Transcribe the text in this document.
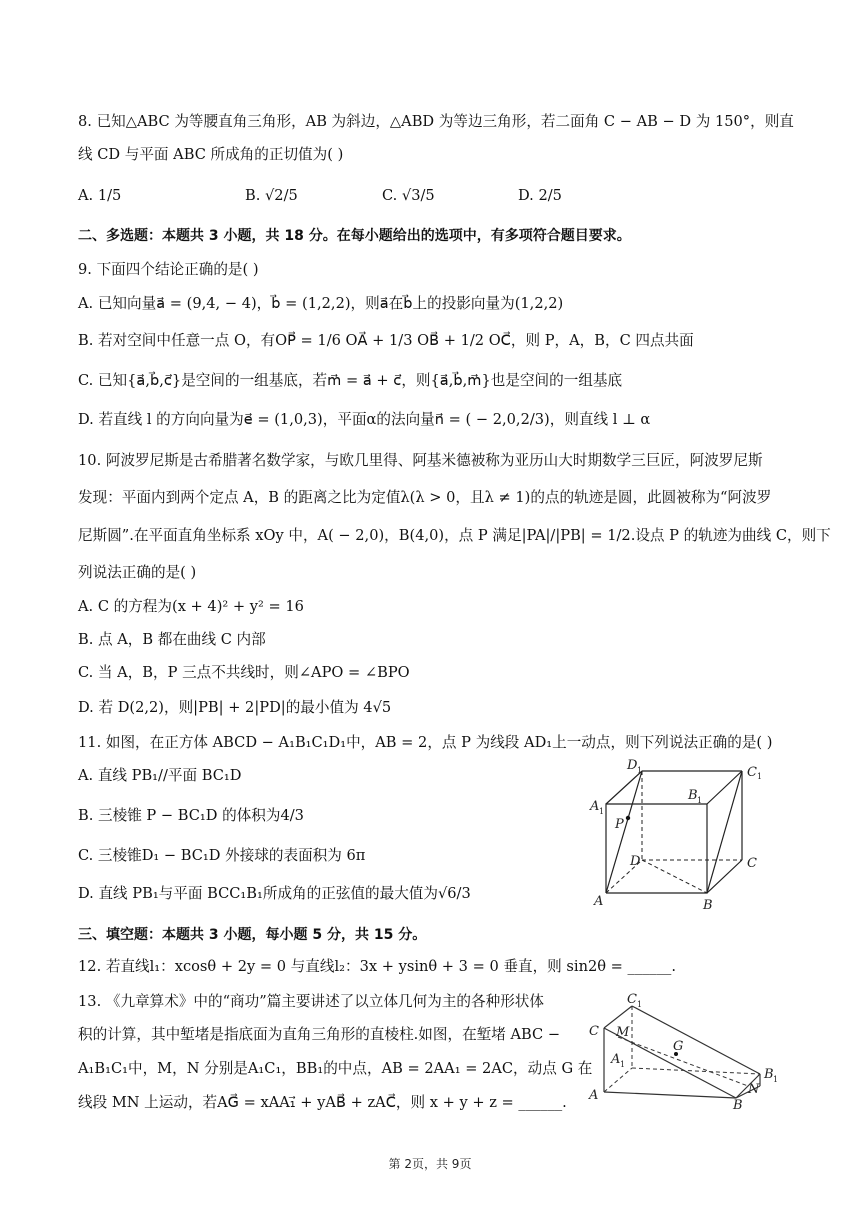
8. 已知△ABC 为等腰直角三角形，AB 为斜边，△ABD 为等边三角形，若二面角 C − AB − D 为 150°，则直
线 CD 与平面 ABC 所成角的正切值为( )
A. 1/5	B. √2/5	C. √3/5	D. 2/5
二、多选题：本题共 3 小题，共 18 分。在每小题给出的选项中，有多项符合题目要求。
9. 下面四个结论正确的是( )
A. 已知向量a⃗ = (9,4, − 4)，b⃗ = (1,2,2)，则a⃗在b⃗上的投影向量为(1,2,2)
B. 若对空间中任意一点 O，有OP⃗ = 1/6 OA⃗ + 1/3 OB⃗ + 1/2 OC⃗，则 P，A，B，C 四点共面
C. 已知{a⃗,b⃗,c⃗}是空间的一组基底，若m⃗ = a⃗ + c⃗，则{a⃗,b⃗,m⃗}也是空间的一组基底
D. 若直线 l 的方向向量为e⃗ = (1,0,3)，平面α的法向量n⃗ = ( − 2,0,2/3)，则直线 l ⊥ α
10. 阿波罗尼斯是古希腊著名数学家，与欧几里得、阿基米德被称为亚历山大时期数学三巨匠，阿波罗尼斯
发现：平面内到两个定点 A，B 的距离之比为定值λ(λ > 0，且λ ≠ 1)的点的轨迹是圆，此圆被称为“阿波罗
尼斯圆”.在平面直角坐标系 xOy 中，A( − 2,0)，B(4,0)，点 P 满足|PA|/|PB| = 1/2.设点 P 的轨迹为曲线 C，则下
列说法正确的是( )
A. C 的方程为(x + 4)² + y² = 16
B. 点 A，B 都在曲线 C 内部
C. 当 A，B，P 三点不共线时，则∠APO = ∠BPO
D. 若 D(2,2)，则|PB| + 2|PD|的最小值为 4√5
11. 如图，在正方体 ABCD − A₁B₁C₁D₁中，AB = 2，点 P 为线段 AD₁上一动点，则下列说法正确的是( )
A. 直线 PB₁//平面 BC₁D
B. 三棱锥 P − BC₁D 的体积为4/3
C. 三棱锥D₁ − BC₁D 外接球的表面积为 6π
D. 直线 PB₁与平面 BCC₁B₁所成角的正弦值的最大值为√6/3
D 1	C 1
A 1
B 1
P
D	C
A	B
三、填空题：本题共 3 小题，每小题 5 分，共 15 分。
12. 若直线l₁：xcosθ + 2y = 0 与直线l₂：3x + ysinθ + 3 = 0 垂直，则 sin2θ = ______.
13. 《九章算术》中的“商功”篇主要讲述了以立体几何为主的各种形状体
积的计算，其中堑堵是指底面为直角三角形的直棱柱.如图，在堑堵 ABC −
A₁B₁C₁中，M，N 分别是A₁C₁，BB₁的中点，AB = 2AA₁ = 2AC，动点 G 在
线段 MN 上运动，若AG⃗ = xAA₁⃗ + yAB⃗ + zAC⃗，则 x + y + z = ______.
C 1
C M
A 1
G
B 1
N
A
B
第 2页，共 9页
